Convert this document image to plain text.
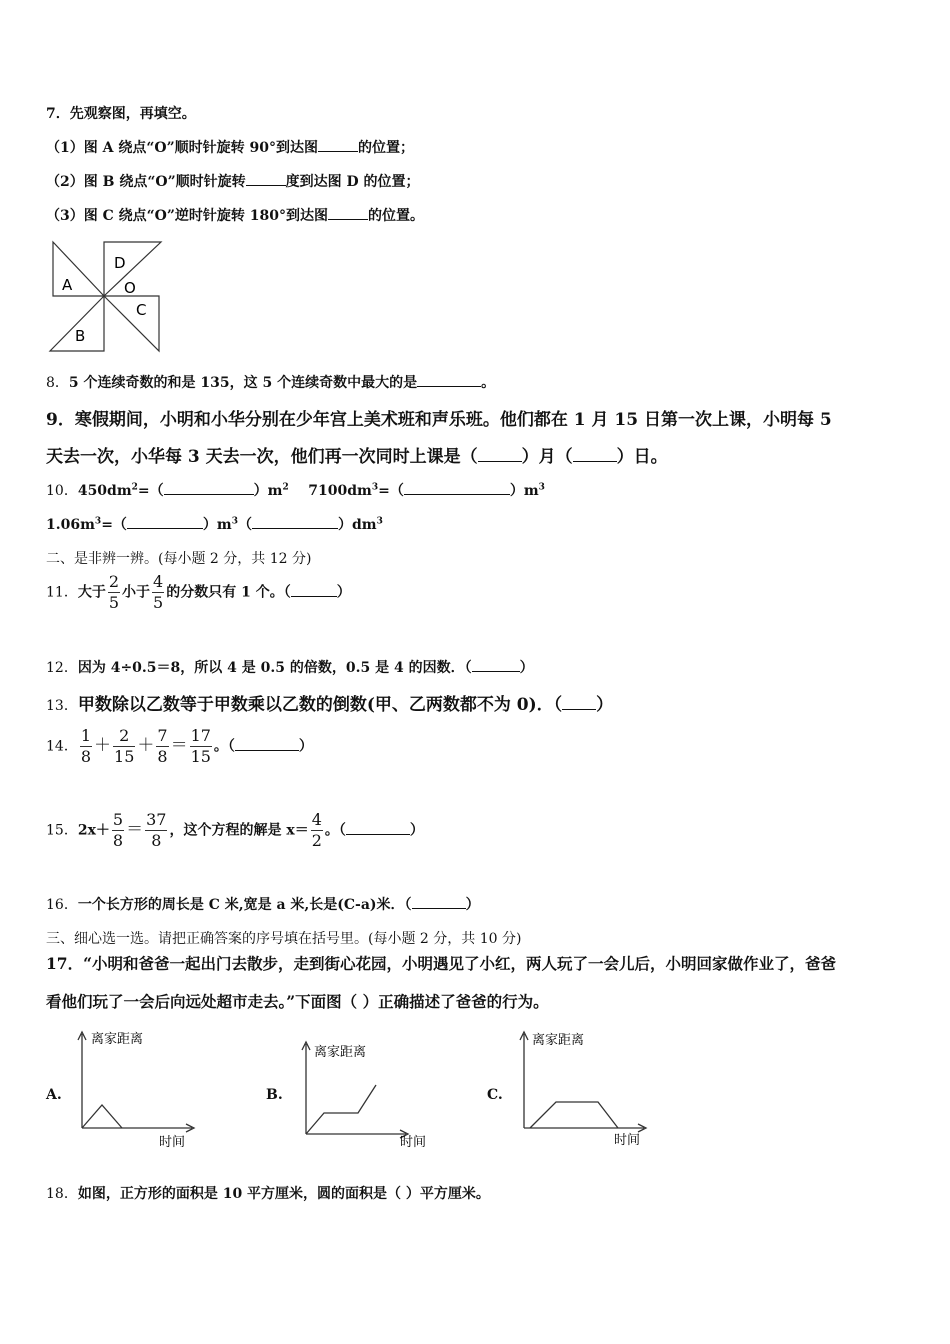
7．先观察图，再填空。
（1）图 A 绕点“O”顺时针旋转 90°到达图	的位置；
（2）图 B 绕点“O”顺时针旋转	度到达图 D 的位置；
（3）图 C 绕点“O”逆时针旋转 180°到达图	的位置。
A
D
O
C
B
8．5 个连续奇数的和是 135，这 5 个连续奇数中最大的是	。
9．寒假期间，小明和小华分别在少年宫上美术班和声乐班。他们都在 1 月 15 日第一次上课，小明每 5
天去一次，小华每 3 天去一次，他们再一次同时上课是（	）月（	）日。
10．$450dm^2=$（	）$m^2$ $7100dm^3=$（	）$m^3$
$1.06m^3=$（	）$m^3$（	）$dm^3$
二、是非辨一辨。(每小题 2 分，共 12 分)
11．大于 $\frac{2}{5}$ 小于 $\frac{4}{5}$ 的分数只有 1 个。（	）
12．因为 4÷0.5＝8，所以 4 是 0.5 的倍数，0.5 是 4 的因数．（	）
13．甲数除以乙数等于甲数乘以乙数的倒数(甲、乙两数都不为 0)．（ ）
14． $\frac{1}{8} + \frac{2}{15} + \frac{7}{8} = \frac{17}{15}$ 。（	）
15．$2x+ \frac{5}{8} = \frac{37}{8}$ ，这个方程的解是 $x= \frac{4}{2}$ 。（	）
16．一个长方形的周长是 C 米,宽是 a 米,长是(C-a)米．（	）
三、细心选一选。请把正确答案的序号填在括号里。(每小题 2 分，共 10 分)
17．“小明和爸爸一起出门去散步，走到街心花园，小明遇见了小红，两人玩了一会儿后，小明回家做作业了，爸爸
看他们玩了一会后向远处超市走去。”下面图（ ）正确描述了爸爸的行为。
A.	B.	C.
离家距离
时间
离家距离
时间
离家距离
时间
18．如图，正方形的面积是 10 平方厘米，圆的面积是（ ）平方厘米。
